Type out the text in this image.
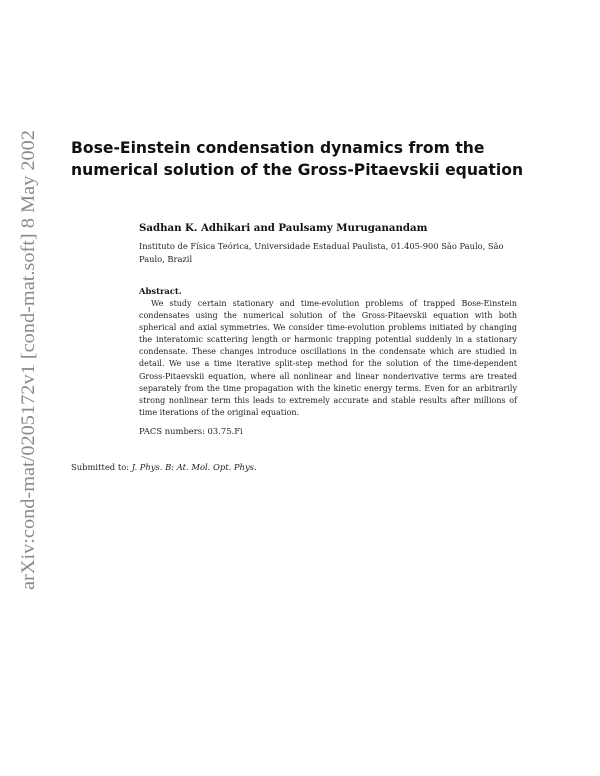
arXiv:cond-mat/0205172v1 [cond-mat.soft] 8 May 2002
Bose-Einstein condensation dynamics from the numerical solution of the Gross-Pitaevskii equation

Sadhan K. Adhikari and Paulsamy Muruganandam

Instituto de Física Teórica, Universidade Estadual Paulista, 01.405-900 São Paulo, São Paulo, Brazil

Abstract.

We study certain stationary and time-evolution problems of trapped Bose-Einstein condensates using the numerical solution of the Gross-Pitaevskii equation with both spherical and axial symmetries. We consider time-evolution problems initiated by changing the interatomic scattering length or harmonic trapping potential suddenly in a stationary condensate. These changes introduce oscillations in the condensate which are studied in detail. We use a time iterative split-step method for the solution of the time-dependent Gross-Pitaevskii equation, where all nonlinear and linear nonderivative terms are treated separately from the time propagation with the kinetic energy terms. Even for an arbitrarily strong nonlinear term this leads to extremely accurate and stable results after millions of time iterations of the original equation.

PACS numbers: 03.75.Fi

Submitted to: J. Phys. B: At. Mol. Opt. Phys.
